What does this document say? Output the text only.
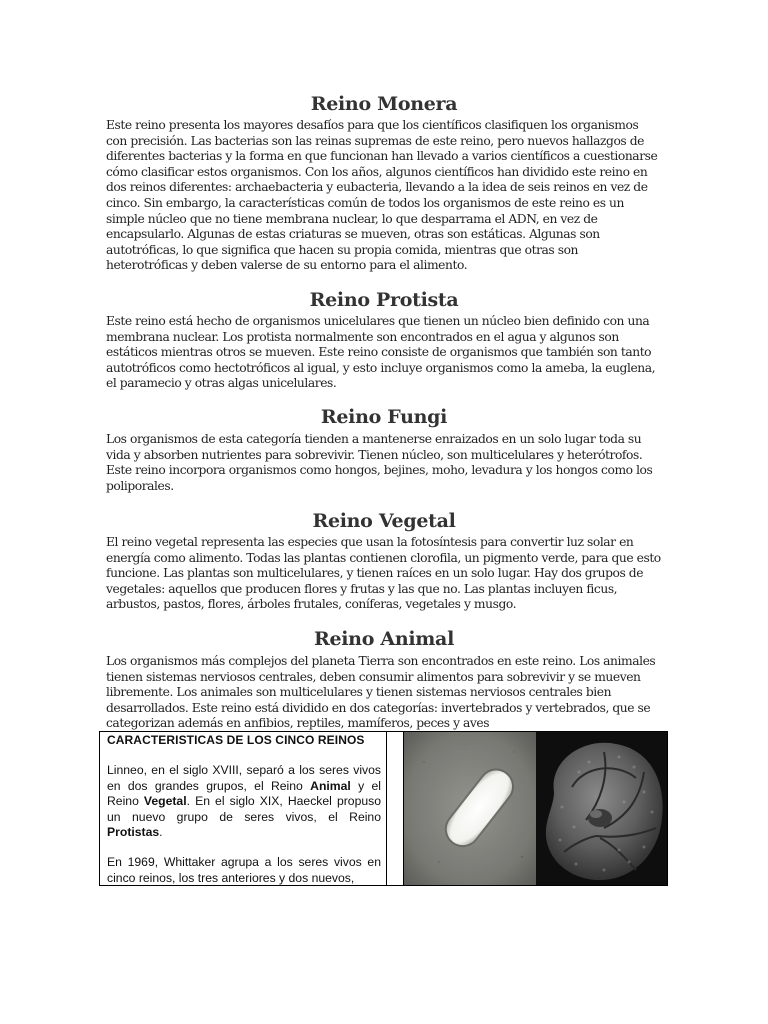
Reino Monera

Este reino presenta los mayores desafíos para que los científicos clasifiquen los organismos con precisión. Las bacterias son las reinas supremas de este reino, pero nuevos hallazgos de diferentes bacterias y la forma en que funcionan han llevado a varios científicos a cuestionarse cómo clasificar estos organismos. Con los años, algunos científicos han dividido este reino en dos reinos diferentes: archaebacteria y eubacteria, llevando a la idea de seis reinos en vez de cinco. Sin embargo, la características común de todos los organismos de este reino es un simple núcleo que no tiene membrana nuclear, lo que desparrama el ADN, en vez de encapsularlo. Algunas de estas criaturas se mueven, otras son estáticas. Algunas son autotróficas, lo que significa que hacen su propia comida, mientras que otras son heterotróficas y deben valerse de su entorno para el alimento.

Reino Protista

Este reino está hecho de organismos unicelulares que tienen un núcleo bien definido con una membrana nuclear. Los protista normalmente son encontrados en el agua y algunos son estáticos mientras otros se mueven. Este reino consiste de organismos que también son tanto autotróficos como hectotróficos al igual, y esto incluye organismos como la ameba, la euglena, el paramecio y otras algas unicelulares.

Reino Fungi

Los organismos de esta categoría tienden a mantenerse enraizados en un solo lugar toda su vida y absorben nutrientes para sobrevivir. Tienen núcleo, son multicelulares y heterótrofos. Este reino incorpora organismos como hongos, bejines, moho, levadura y los hongos como los poliporales.

Reino Vegetal

El reino vegetal representa las especies que usan la fotosíntesis para convertir luz solar en energía como alimento. Todas las plantas contienen clorofila, un pigmento verde, para que esto funcione. Las plantas son multicelulares, y tienen raíces en un solo lugar. Hay dos grupos de vegetales: aquellos que producen flores y frutas y las que no. Las plantas incluyen ficus, arbustos, pastos, flores, árboles frutales, coníferas, vegetales y musgo.

Reino Animal

Los organismos más complejos del planeta Tierra son encontrados en este reino. Los animales tienen sistemas nerviosos centrales, deben consumir alimentos para sobrevivir y se mueven libremente. Los animales son multicelulares y tienen sistemas nerviosos centrales bien desarrollados. Este reino está dividido en dos categorías: invertebrados y vertebrados, que se categorizan además en anfibios, reptiles, mamíferos, peces y aves

CARACTERISTICAS DE LOS CINCO REINOS

Linneo, en el siglo XVIII, separó a los seres vivos en dos grandes grupos, el Reino Animal y el Reino Vegetal. En el siglo XIX, Haeckel propuso un nuevo grupo de seres vivos, el Reino Protistas.

En 1969, Whittaker agrupa a los seres vivos en cinco reinos, los tres anteriores y dos nuevos,
